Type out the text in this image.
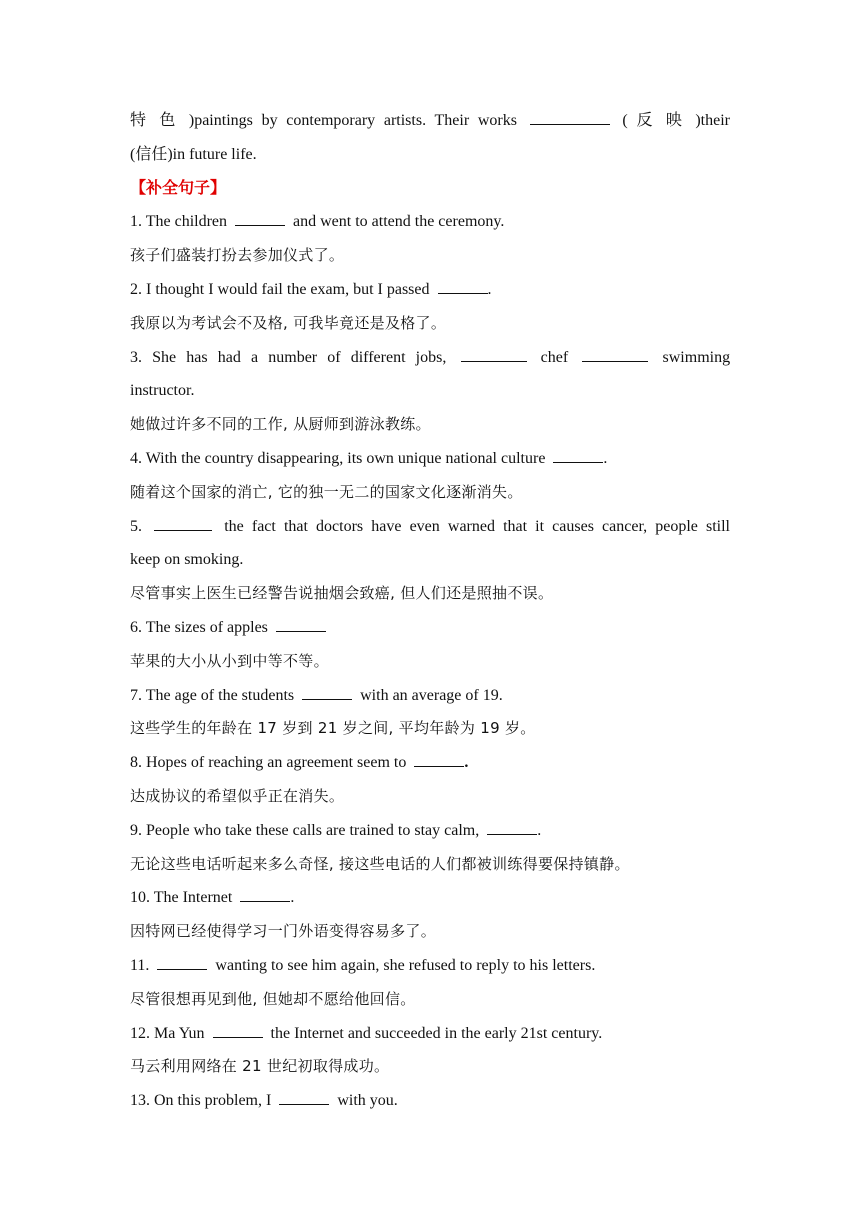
特 色 )paintings by contemporary artists. Their works	( 反 映 )their
(信任)in future life.
【补全句子】
1. The children	and went to attend the ceremony.
孩子们盛装打扮去参加仪式了。
2. I thought I would fail the exam, but I passed	.
我原以为考试会不及格, 可我毕竟还是及格了。
3. She has had a number of different jobs,	chef	swimming
instructor.
她做过许多不同的工作, 从厨师到游泳教练。
4. With the country disappearing, its own unique national culture	.
随着这个国家的消亡, 它的独一无二的国家文化逐渐消失。
5.	the fact that doctors have even warned that it causes cancer, people still
keep on smoking.
尽管事实上医生已经警告说抽烟会致癌, 但人们还是照抽不误。
6. The sizes of apples
苹果的大小从小到中等不等。
7. The age of the students	with an average of 19.
这些学生的年龄在 17 岁到 21 岁之间, 平均年龄为 19 岁。
8. Hopes of reaching an agreement seem to	.
达成协议的希望似乎正在消失。
9. People who take these calls are trained to stay calm,	.
无论这些电话听起来多么奇怪, 接这些电话的人们都被训练得要保持镇静。
10. The Internet	.
因特网已经使得学习一门外语变得容易多了。
11.	wanting to see him again, she refused to reply to his letters.
尽管很想再见到他, 但她却不愿给他回信。
12. Ma Yun	the Internet and succeeded in the early 21st century.
马云利用网络在 21 世纪初取得成功。
13. On this problem, I	with you.
